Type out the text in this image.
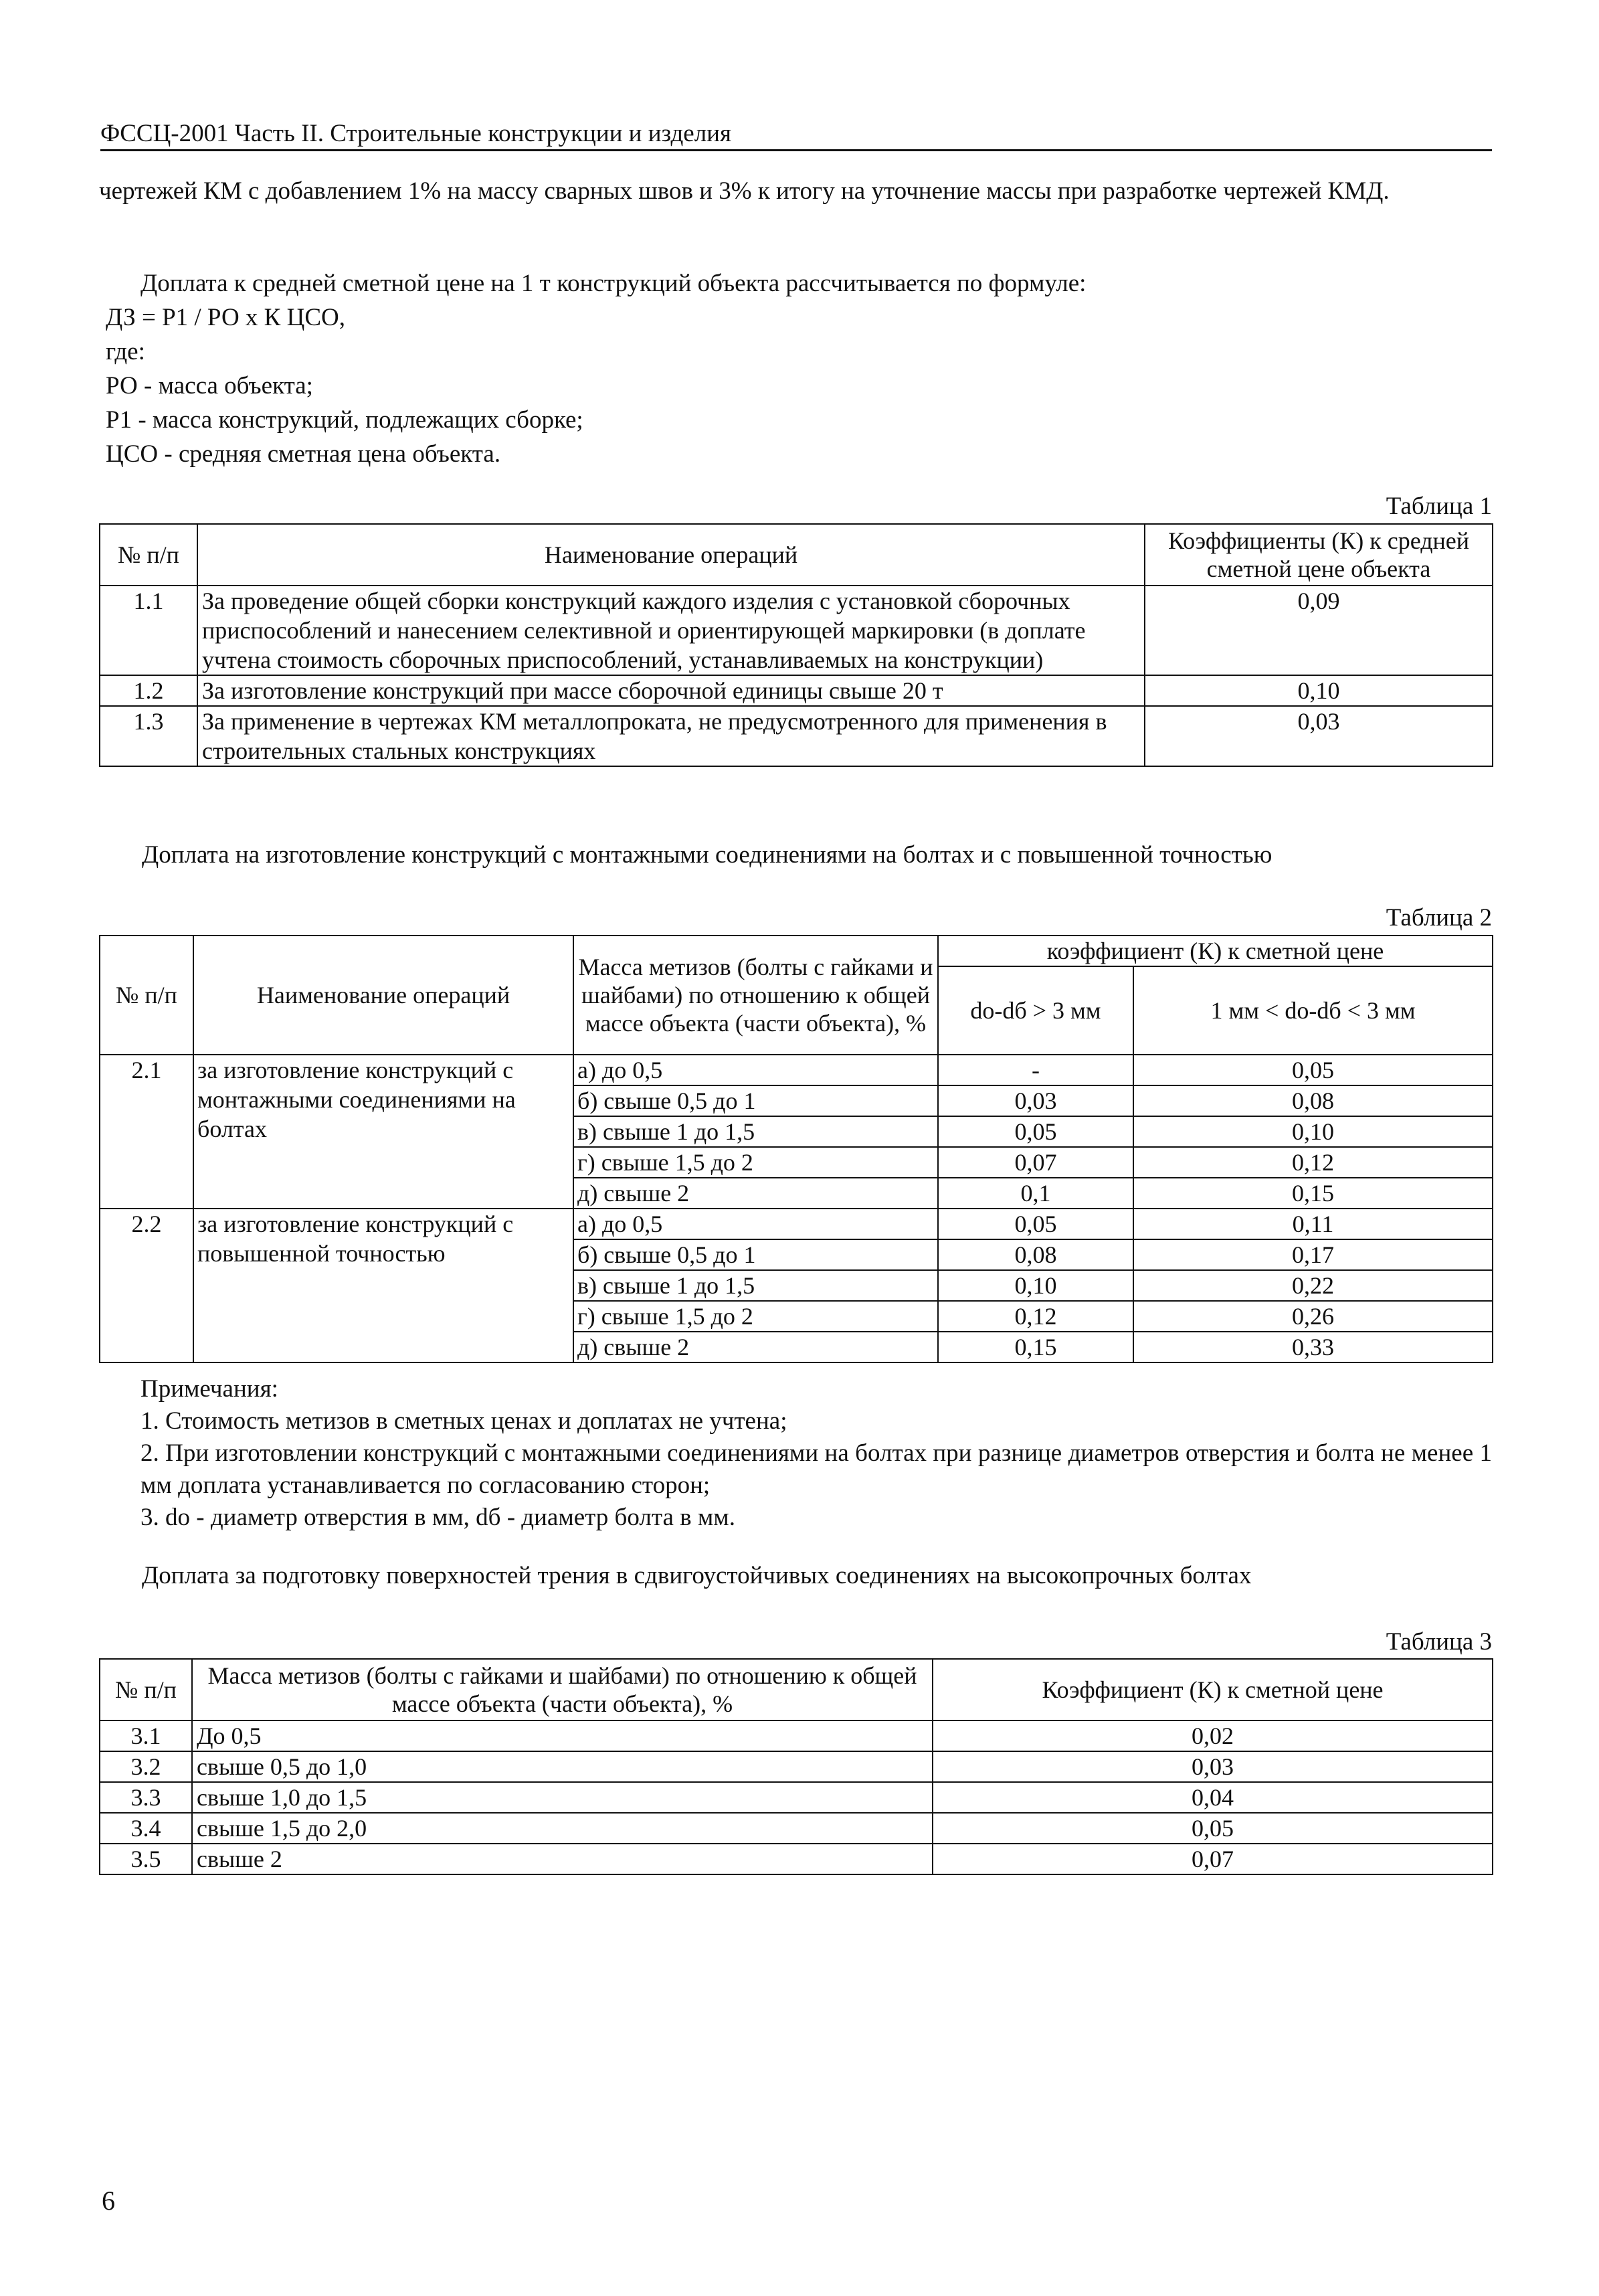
ФССЦ-2001 Часть II. Строительные конструкции и изделия
чертежей КМ с добавлением 1% на массу сварных швов и 3% к итогу на уточнение массы при разработке чертежей КМД.
Доплата к средней сметной цене на 1 т конструкций объекта рассчитывается по формуле:
ДЗ = Р1 / РО х К ЦСО,
где:
РО - масса объекта;
Р1 - масса конструкций, подлежащих сборке;
ЦСО - средняя сметная цена объекта.
Таблица 1
№ п/п	Наименование операций	Коэффициенты (К) к средней сметной цене объекта
1.1	За проведение общей сборки конструкций каждого изделия с установкой сборочных приспособлений и нанесением селективной и ориентирующей маркировки (в доплате учтена стоимость сборочных приспособлений, устанавливаемых на конструкции)	0,09
1.2	За изготовление конструкций при массе сборочной единицы свыше 20 т	0,10
1.3	За применение в чертежах КМ металлопроката, не предусмотренного для применения в строительных стальных конструкциях	0,03
Доплата на изготовление конструкций с монтажными соединениями на болтах и с повышенной точностью
Таблица 2
№ п/п	Наименование операций	Масса метизов (болты с гайками и шайбами) по отношению к общей массе объекта (части объекта), %	коэффициент (К) к сметной цене	
			dо-dб > 3 мм	1 мм < dо-dб < 3 мм
2.1	за изготовление конструкций с монтажными соединениями на болтах	а) до 0,5	-	0,05
		б) свыше 0,5 до 1	0,03	0,08
		в) свыше 1 до 1,5	0,05	0,10
		г) свыше 1,5 до 2	0,07	0,12
		д) свыше 2	0,1	0,15
2.2	за изготовление конструкций с повышенной точностью	а) до 0,5	0,05	0,11
		б) свыше 0,5 до 1	0,08	0,17
		в) свыше 1 до 1,5	0,10	0,22
		г) свыше 1,5 до 2	0,12	0,26
		д) свыше 2	0,15	0,33
Примечания:
1. Стоимость метизов в сметных ценах и доплатах не учтена;
2. При изготовлении конструкций с монтажными соединениями на болтах при разнице диаметров отверстия и болта не менее 1 мм доплата устанавливается по согласованию сторон;
3. dо - диаметр отверстия в мм, dб - диаметр болта в мм.
Доплата за подготовку поверхностей трения в сдвигоустойчивых соединениях на высокопрочных болтах
Таблица 3
№ п/п	Масса метизов (болты с гайками и шайбами) по отношению к общей массе объекта (части объекта), %	Коэффициент (К) к сметной цене
3.1	До 0,5	0,02
3.2	свыше 0,5 до 1,0	0,03
3.3	свыше 1,0 до 1,5	0,04
3.4	свыше 1,5 до 2,0	0,05
3.5	свыше 2	0,07
6
